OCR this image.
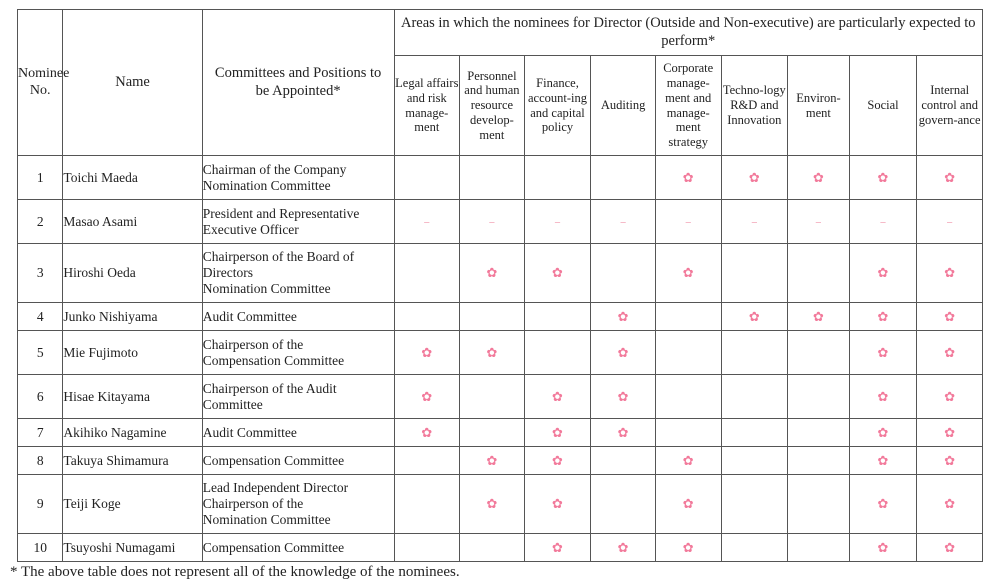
Nominee No.	Name	Committees and Positions to be Appointed*	Areas in which the nominees for Director (Outside and Non-executive) are particularly expected to perform*								
			Legal affairs and risk manage-ment	Personnel and human resource develop-ment	Finance, account-ing and capital policy	Auditing	Corporate manage-ment and manage-ment strategy	Techno-logy R&D and Innovation	Environ-ment	Social	Internal control and govern-ance
1	Toichi Maeda	Chairman of the Company
Nomination Committee					✿	✿	✿	✿	✿
2	Masao Asami	President and Representative
Executive Officer	–	–	–	–	–	–	–	–	–
3	Hiroshi Oeda	Chairperson of the Board of
Directors
Nomination Committee		✿	✿		✿			✿	✿
4	Junko Nishiyama	Audit Committee				✿		✿	✿	✿	✿
5	Mie Fujimoto	Chairperson of the
Compensation Committee	✿	✿		✿				✿	✿
6	Hisae Kitayama	Chairperson of the Audit
Committee	✿		✿	✿				✿	✿
7	Akihiko Nagamine	Audit Committee	✿		✿	✿				✿	✿
8	Takuya Shimamura	Compensation Committee		✿	✿		✿			✿	✿
9	Teiji Koge	Lead Independent Director
Chairperson of the
Nomination Committee		✿	✿		✿			✿	✿
10	Tsuyoshi Numagami	Compensation Committee			✿	✿	✿			✿	✿
* The above table does not represent all of the knowledge of the nominees.
